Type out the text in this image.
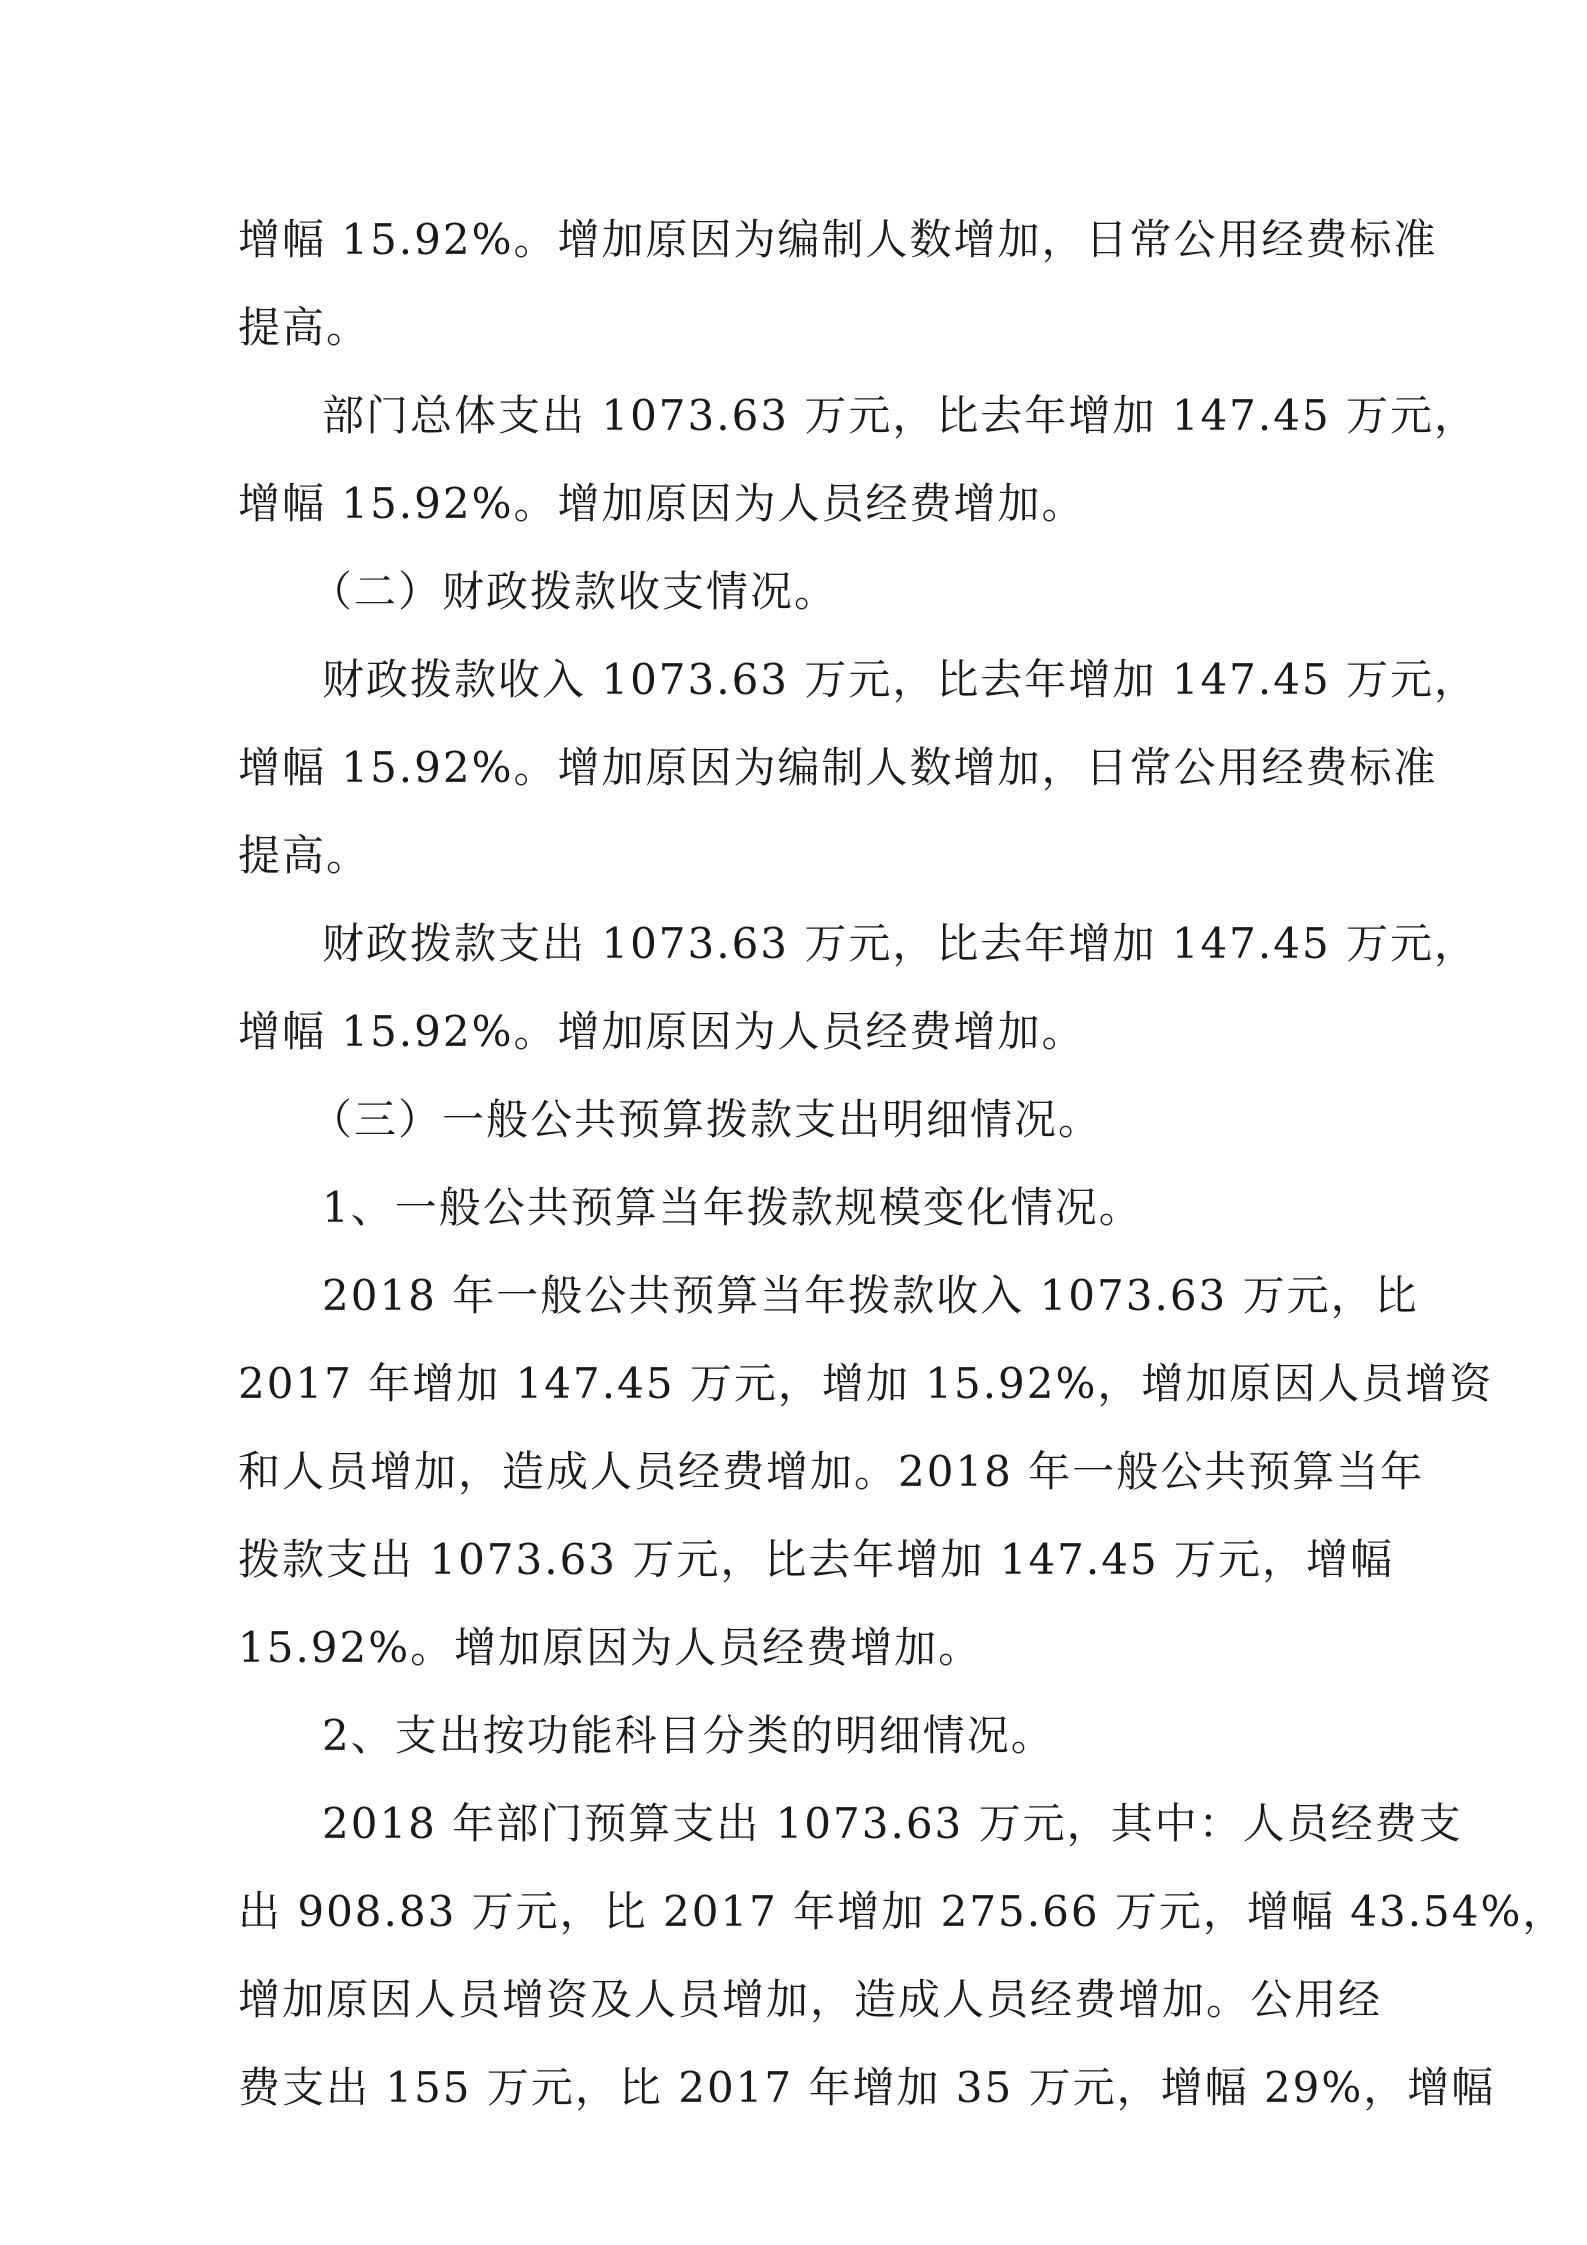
增幅 15.92%。增加原因为编制人数增加，日常公用经费标准
提高。
部门总体支出 1073.63 万元，比去年增加 147.45 万元，
增幅 15.92%。增加原因为人员经费增加。
（二）财政拨款收支情况。
财政拨款收入 1073.63 万元，比去年增加 147.45 万元，
增幅 15.92%。增加原因为编制人数增加，日常公用经费标准
提高。
财政拨款支出 1073.63 万元，比去年增加 147.45 万元，
增幅 15.92%。增加原因为人员经费增加。
（三）一般公共预算拨款支出明细情况。
1、一般公共预算当年拨款规模变化情况。
2018 年一般公共预算当年拨款收入 1073.63 万元，比
2017 年增加 147.45 万元，增加 15.92%，增加原因人员增资
和人员增加，造成人员经费增加。2018 年一般公共预算当年
拨款支出 1073.63 万元，比去年增加 147.45 万元，增幅
15.92%。增加原因为人员经费增加。
2、支出按功能科目分类的明细情况。
2018 年部门预算支出 1073.63 万元，其中：人员经费支
出 908.83 万元，比 2017 年增加 275.66 万元，增幅 43.54%，
增加原因人员增资及人员增加，造成人员经费增加。公用经
费支出 155 万元，比 2017 年增加 35 万元，增幅 29%，增幅
